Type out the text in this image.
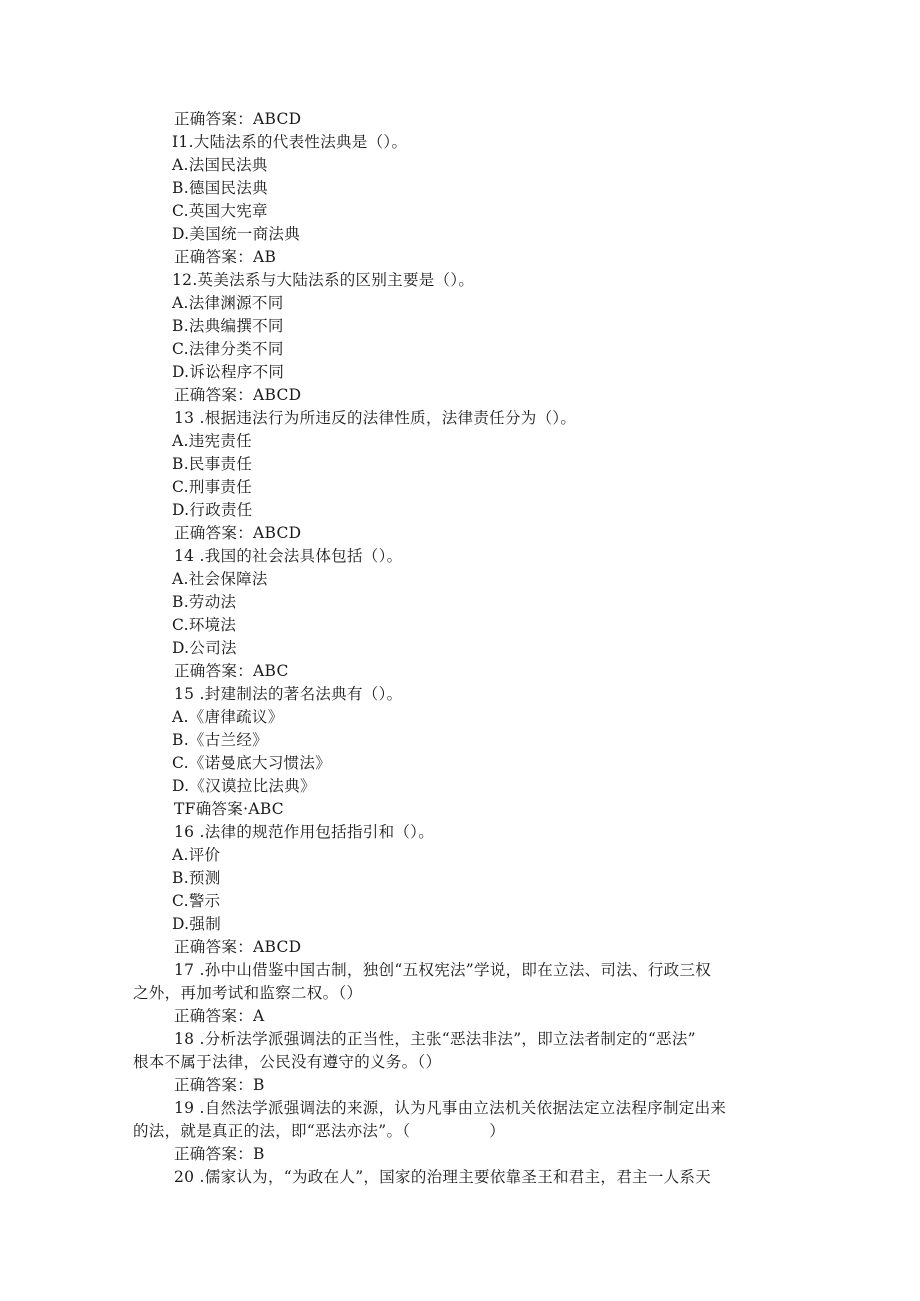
正确答案：ABCD
I1.大陆法系的代表性法典是（）。
A.法国民法典
B.德国民法典
C.英国大宪章
D.美国统一商法典
正确答案：AB
12.英美法系与大陆法系的区别主要是（）。
A.法律渊源不同
B.法典编撰不同
C.法律分类不同
D.诉讼程序不同
正确答案：ABCD
13 .根据违法行为所违反的法律性质，法律责任分为（）。
A.违宪责任
B.民事责任
C.刑事责任
D.行政责任
正确答案：ABCD
14 .我国的社会法具体包括（）。
A.社会保障法
B.劳动法
C.环境法
D.公司法
正确答案：ABC
15 .封建制法的著名法典有（）。
A.《唐律疏议》
B.《古兰经》
C.《诺曼底大习惯法》
D.《汉谟拉比法典》
TF确答案·ABC
16 .法律的规范作用包括指引和（）。
A.评价
B.预测
C.警示
D.强制
正确答案：ABCD
17 .孙中山借鉴中国古制，独创“五权宪法”学说，即在立法、司法、行政三权
之外，再加考试和监察二权。（）
正确答案：A
18 .分析法学派强调法的正当性，主张“恶法非法”，即立法者制定的“恶法”
根本不属于法律，公民没有遵守的义务。（）
正确答案：B
19 .自然法学派强调法的来源，认为凡事由立法机关依据法定立法程序制定出来
的法，就是真正的法，即“恶法亦法”。（　　　　　）
正确答案：B
20 .儒家认为，“为政在人”，国家的治理主要依靠圣王和君主，君主一人系天
